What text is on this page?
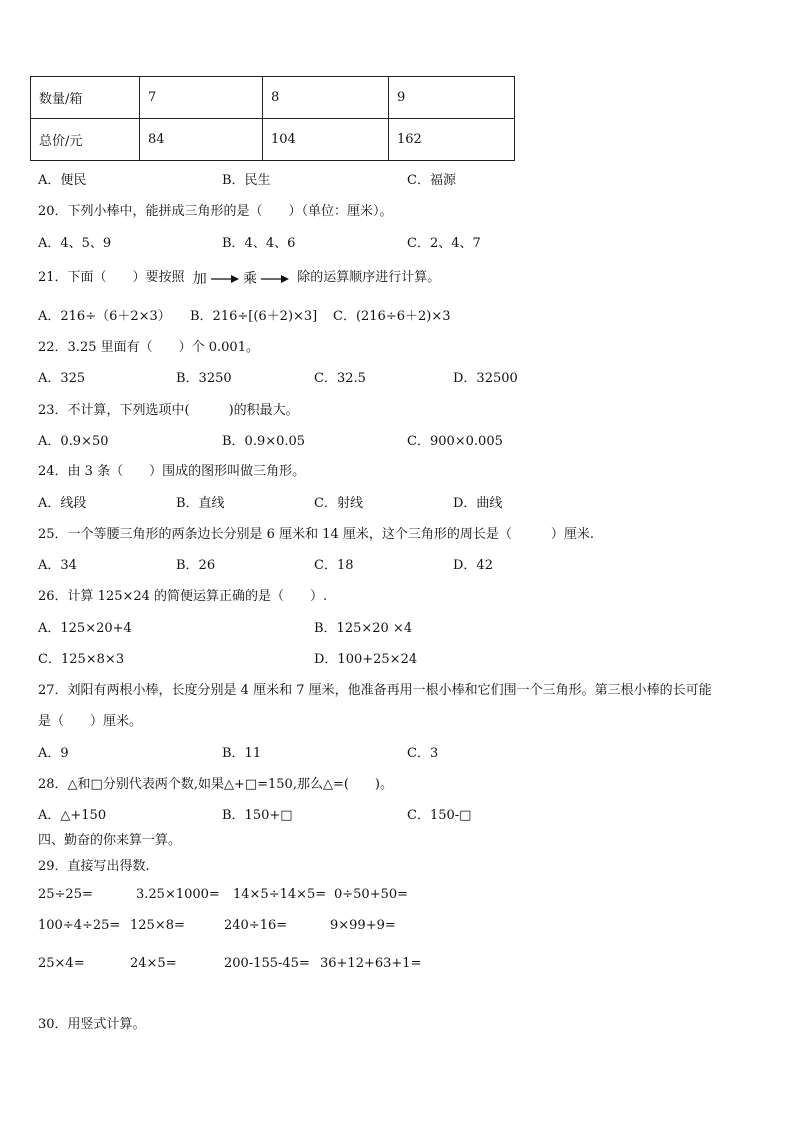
数量/箱	7	8	9
总价/元	84	104	162
A．便民	B．民生	C．福源
20．下列小棒中，能拼成三角形的是（　　）（单位：厘米）。
A．4、5、9	B．4、4、6	C．2、4、7
21．下面（　　）要按照 加	乘	除的运算顺序进行计算。
A．216÷（6＋2×3） B．216÷[(6＋2)×3] C．(216÷6＋2)×3
22．3.25 里面有（　　）个 0.001。
A．325	B．3250	C．32.5	D．32500
23．不计算，下列选项中(　　　)的积最大。
A．0.9×50	B．0.9×0.05	C．900×0.005
24．由 3 条（　　）围成的图形叫做三角形。
A．线段	B．直线	C．射线	D．曲线
25．一个等腰三角形的两条边长分别是 6 厘米和 14 厘米，这个三角形的周长是（　　　）厘米.
A．34	B．26	C．18	D．42
26．计算 125×24 的简便运算正确的是（　　）.
A．125×20+4	B．125×20 ×4
C．125×8×3	D．100+25×24
27．刘阳有两根小棒，长度分别是 4 厘米和 7 厘米，他准备再用一根小棒和它们围一个三角形。第三根小棒的长可能
是（　　）厘米。
A．9	B．11	C．3
28．△和□分别代表两个数,如果△+□=150,那么△=(　　)。
A．△+150	B．150+□	C．150-□
四、勤奋的你来算一算。
29．直接写出得数.
25÷25=	3.25×1000= 14×5÷14×5= 0÷50+50=
100÷4÷25= 125×8=	240÷16=	9×99+9=
25×4=	24×5=	200-155-45= 36+12+63+1=
30．用竖式计算。
